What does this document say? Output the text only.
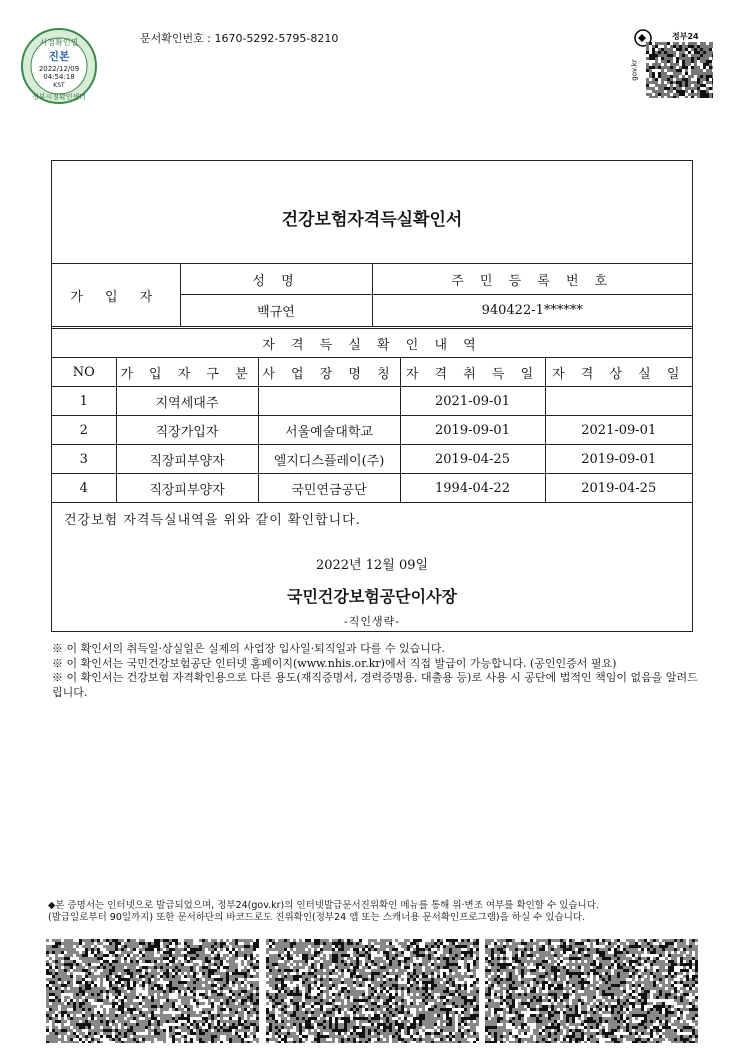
문서확인번호 : 1670-5292-5795-8210
시점확인필
진본
2022/12/09
04:54:18
KST
정부시점확인센터
정부24
gov.kr
건강보험자격득실확인서
가 입 자	성 명	주 민 등 록 번 호
	백규연	940422-1******
자 격 득 실 확 인 내 역				
NO	가 입 자 구 분	사 업 장 명 칭	자 격 취 득 일	자 격 상 실 일
1	지역세대주		2021-09-01	
2	직장가입자	서울예술대학교	2019-09-01	2021-09-01
3	직장피부양자	엘지디스플레이(주)	2019-04-25	2019-09-01
4	직장피부양자	국민연금공단	1994-04-22	2019-04-25
건강보험 자격득실내역을 위와 같이 확인합니다.
2022년 12월 09일
국민건강보험공단이사장
-직인생략-
※ 이 확인서의 취득일·상실일은 실제의 사업장 입사일·퇴직일과 다를 수 있습니다.
※ 이 확인서는 국민건강보험공단 인터넷 홈페이지(www.nhis.or.kr)에서 직접 발급이 가능합니다. (공인인증서 필요)
※ 이 확인서는 건강보험 자격확인용으로 다른 용도(재직증명서, 경력증명용, 대출용 등)로 사용 시 공단에 법적인 책임이 없음을 알려드립니다.
◆본 증명서는 인터넷으로 발급되었으며, 정부24(gov.kr)의 인터넷발급문서진위확인 메뉴를 통해 위·변조 여부를 확인할 수 있습니다.
(발급일로부터 90일까지) 또한 문서하단의 바코드로도 진위확인(정부24 앱 또는 스캐너용 문서확인프로그램)을 하실 수 있습니다.
